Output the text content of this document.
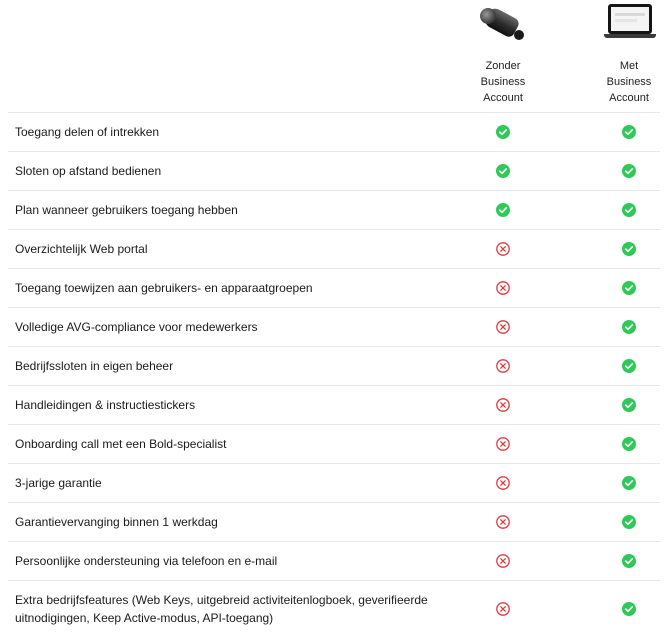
Zonder
Business
Account
Met
Business
Account
Toegang delen of intrekken
Sloten op afstand bedienen
Plan wanneer gebruikers toegang hebben
Overzichtelijk Web portal
Toegang toewijzen aan gebruikers- en apparaatgroepen
Volledige AVG-compliance voor medewerkers
Bedrijfssloten in eigen beheer
Handleidingen & instructiestickers
Onboarding call met een Bold-specialist
3-jarige garantie
Garantievervanging binnen 1 werkdag
Persoonlijke ondersteuning via telefoon en e-mail
Extra bedrijfsfeatures (Web Keys, uitgebreid activiteitenlogboek, geverifieerde uitnodigingen, Keep Active-modus, API-toegang)
